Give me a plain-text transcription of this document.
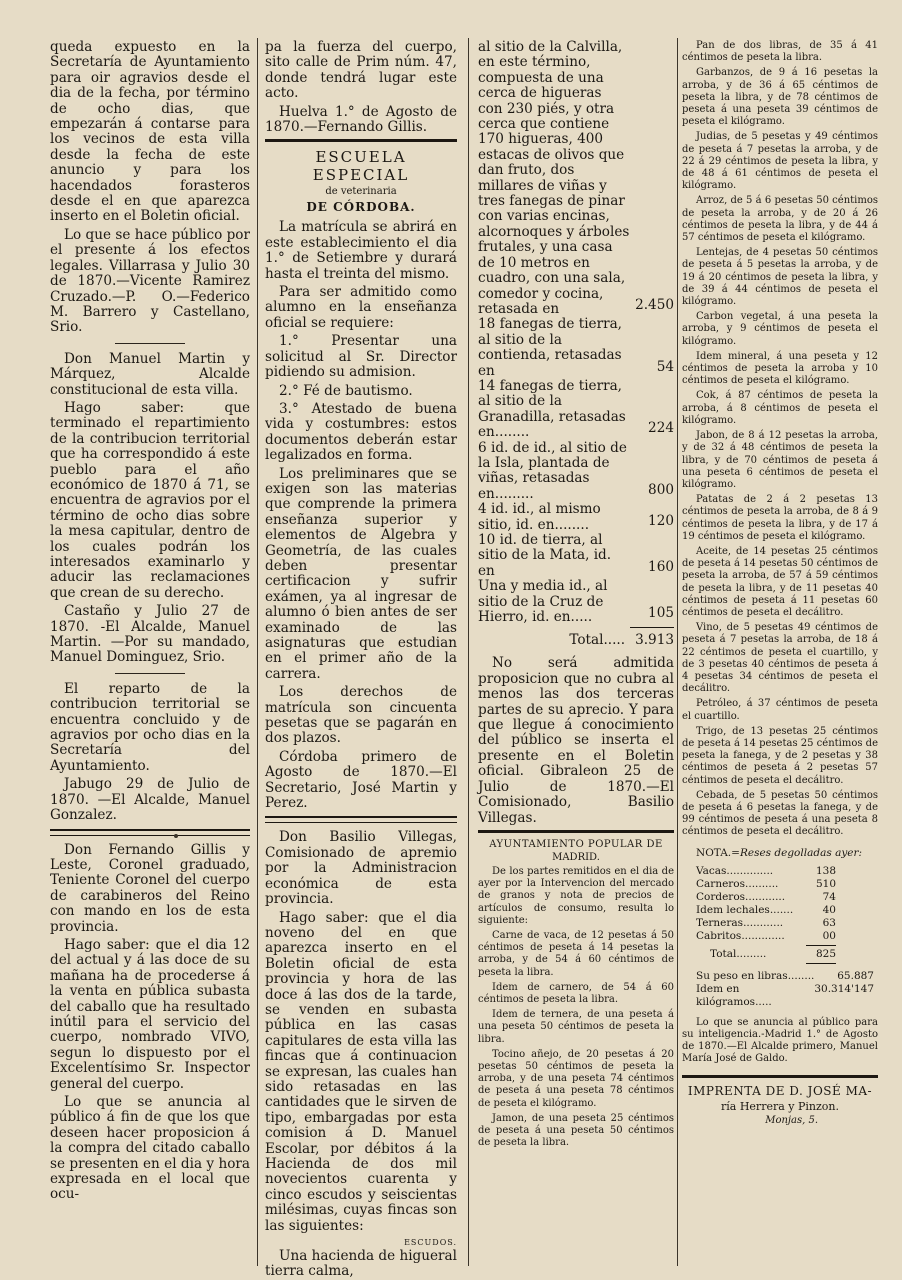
queda expuesto en la Secretaría de Ayuntamiento para oir agravios desde el dia de la fecha, por término de ocho dias, que empezarán á contarse para los vecinos de esta villa desde la fecha de este anuncio y para los hacendados forasteros desde el en que aparezca inserto en el Boletin oficial.

Lo que se hace público por el presente á los efectos legales. Villarrasa y Julio 30 de 1870.—Vicente Ramirez Cruzado.—P. O.—Federico M. Barrero y Castellano, Srio.

Don Manuel Martin y Márquez, Alcalde constitucional de esta villa.

Hago saber: que terminado el repartimiento de la contribucion territorial que ha correspondido á este pueblo para el año económico de 1870 á 71, se encuentra de agravios por el término de ocho dias sobre la mesa capitular, dentro de los cuales podrán los interesados examinarlo y aducir las reclamaciones que crean de su derecho.

Castaño y Julio 27 de 1870. -El Alcalde, Manuel Martin. —Por su mandado, Manuel Dominguez, Srio.

El reparto de la contribucion territorial se encuentra concluido y de agravios por ocho dias en la Secretaría del Ayuntamiento.

Jabugo 29 de Julio de 1870. —El Alcalde, Manuel Gonzalez.

Don Fernando Gillis y Leste, Coronel graduado, Teniente Coronel del cuerpo de carabineros del Reino con mando en los de esta provincia.

Hago saber: que el dia 12 del actual y á las doce de su mañana ha de procederse á la venta en pública subasta del caballo que ha resultado inútil para el servicio del cuerpo, nombrado VIVO, segun lo dispuesto por el Excelentísimo Sr. Inspector general del cuerpo.

Lo que se anuncia al público á fin de que los que deseen hacer proposicion á la compra del citado caballo se presenten en el dia y hora expresada en el local que ocu-

pa la fuerza del cuerpo, sito calle de Prim núm. 47, donde tendrá lugar este acto.

Huelva 1.° de Agosto de 1870.—Fernando Gillis.

ESCUELA ESPECIAL
de veterinaria
DE CÓRDOBA.

La matrícula se abrirá en este establecimiento el dia 1.° de Setiembre y durará hasta el treinta del mismo.

Para ser admitido como alumno en la enseñanza oficial se requiere:

1.° Presentar una solicitud al Sr. Director pidiendo su admision.

2.° Fé de bautismo.

3.° Atestado de buena vida y costumbres: estos documentos deberán estar legalizados en forma.

Los preliminares que se exigen son las materias que comprende la primera enseñanza superior y elementos de Algebra y Geometría, de las cuales deben presentar certificacion y sufrir exámen, ya al ingresar de alumno ó bien antes de ser examinado de las asignaturas que estudian en el primer año de la carrera.

Los derechos de matrícula son cincuenta pesetas que se pagarán en dos plazos.

Córdoba primero de Agosto de 1870.—El Secretario, José Martin y Perez.

Don Basilio Villegas, Comisionado de apremio por la Administracion económica de esta provincia.

Hago saber: que el dia noveno del en que aparezca inserto en el Boletin oficial de esta provincia y hora de las doce á las dos de la tarde, se venden en subasta pública en las casas capitulares de esta villa las fincas que á continuacion se expresan, las cuales han sido retasadas en las cantidades que le sirven de tipo, embargadas por esta comision á D. Manuel Escolar, por débitos á la Hacienda de dos mil novecientos cuarenta y cinco escudos y seiscientas milésimas, cuyas fincas son las siguientes:

ESCUDOS.

Una hacienda de higueral tierra calma,

al sitio de la Calvilla, en este término, compuesta de una cerca de higueras con 230 piés, y otra cerca que contiene 170 higueras, 400 estacas de olivos que dan fruto, dos millares de viñas y tres fanegas de pinar con varias encinas, alcornoques y árboles frutales, y una casa de 10 metros en cuadro, con una sala, comedor y cocina, retasada en	2.450
18 fanegas de tierra, al sitio de la contienda, retasadas en	54
14 fanegas de tierra, al sitio de la Granadilla, retasadas en........	224
6 id. de id., al sitio de la Isla, plantada de viñas, retasadas en.........	800
4 id. id., al mismo sitio, id. en........	120
10 id. de tierra, al sitio de la Mata, id. en	160
Una y media id., al sitio de la Cruz de Hierro, id. en.....	105
Total..... 3.913

No será admitida proposicion que no cubra al menos las dos terceras partes de su aprecio. Y para que llegue á conocimiento del público se inserta el presente en el Boletin oficial. Gibraleon 25 de Julio de 1870.—El Comisionado, Basilio Villegas.

AYUNTAMIENTO POPULAR DE
MADRID.

De los partes remitidos en el dia de ayer por la Intervencion del mercado de granos y nota de precios de artículos de consumo, resulta lo siguiente:

Carne de vaca, de 12 pesetas á 50 céntimos de peseta á 14 pesetas la arroba, y de 54 á 60 céntimos de peseta la libra.

Idem de carnero, de 54 á 60 céntimos de peseta la libra.

Idem de ternera, de una peseta á una peseta 50 céntimos de peseta la libra.

Tocino añejo, de 20 pesetas á 20 pesetas 50 céntimos de peseta la arroba, y de una peseta 74 céntimos de peseta á una peseta 78 céntimos de peseta el kilógramo.

Jamon, de una peseta 25 céntimos de peseta á una peseta 50 céntimos de peseta la libra.

Pan de dos libras, de 35 á 41 céntimos de peseta la libra.

Garbanzos, de 9 á 16 pesetas la arroba, y de 36 á 65 céntimos de peseta la libra, y de 78 céntimos de peseta á una peseta 39 céntimos de peseta el kilógramo.

Judias, de 5 pesetas y 49 céntimos de peseta á 7 pesetas la arroba, y de 22 á 29 céntimos de peseta la libra, y de 48 á 61 céntimos de peseta el kilógramo.

Arroz, de 5 á 6 pesetas 50 céntimos de peseta la arroba, y de 20 á 26 céntimos de peseta la libra, y de 44 á 57 céntimos de peseta el kilógramo.

Lentejas, de 4 pesetas 50 céntimos de peseta á 5 pesetas la arroba, y de 19 á 20 céntimos de peseta la libra, y de 39 á 44 céntimos de peseta el kilógramo.

Carbon vegetal, á una peseta la arroba, y 9 céntimos de peseta el kilógramo.

Idem mineral, á una peseta y 12 céntimos de peseta la arroba y 10 céntimos de peseta el kilógramo.

Cok, á 87 céntimos de peseta la arroba, á 8 céntimos de peseta el kilógramo.

Jabon, de 8 á 12 pesetas la arroba, y de 32 á 48 céntimos de peseta la libra, y de 70 céntimos de peseta á una peseta 6 céntimos de peseta el kilógramo.

Patatas de 2 á 2 pesetas 13 céntimos de peseta la arroba, de 8 á 9 céntimos de peseta la libra, y de 17 á 19 céntimos de peseta el kilógramo.

Aceite, de 14 pesetas 25 céntimos de peseta á 14 pesetas 50 céntimos de peseta la arroba, de 57 á 59 céntimos de peseta la libra, y de 11 pesetas 40 céntimos de peseta á 11 pesetas 60 céntimos de peseta el decálitro.

Vino, de 5 pesetas 49 céntimos de peseta á 7 pesetas la arroba, de 18 á 22 céntimos de peseta el cuartillo, y de 3 pesetas 40 céntimos de peseta á 4 pesetas 34 céntimos de peseta el decálitro.

Petróleo, á 37 céntimos de peseta el cuartillo.

Trigo, de 13 pesetas 25 céntimos de peseta á 14 pesetas 25 céntimos de peseta la fanega, y de 2 pesetas y 38 céntimos de peseta á 2 pesetas 57 céntimos de peseta el decálitro.

Cebada, de 5 pesetas 50 céntimos de peseta á 6 pesetas la fanega, y de 99 céntimos de peseta á una peseta 8 céntimos de peseta el decálitro.

NOTA.=Reses degolladas ayer:
Vacas..............	138
Carneros..........	510
Corderos............	74
Idem lechales.......	40
Terneras............	63
Cabritos.............	00
Total.........	825
Su peso en libras........ 65.887
Idem en kilógramos.....
30.314'147

Lo que se anuncia al público para su inteligencia.-Madrid 1.° de Agosto de 1870.—El Alcalde primero, Manuel María José de Galdo.

IMPRENTA DE D. JOSÉ MA-
ría Herrera y Pinzon.
Monjas, 5.
